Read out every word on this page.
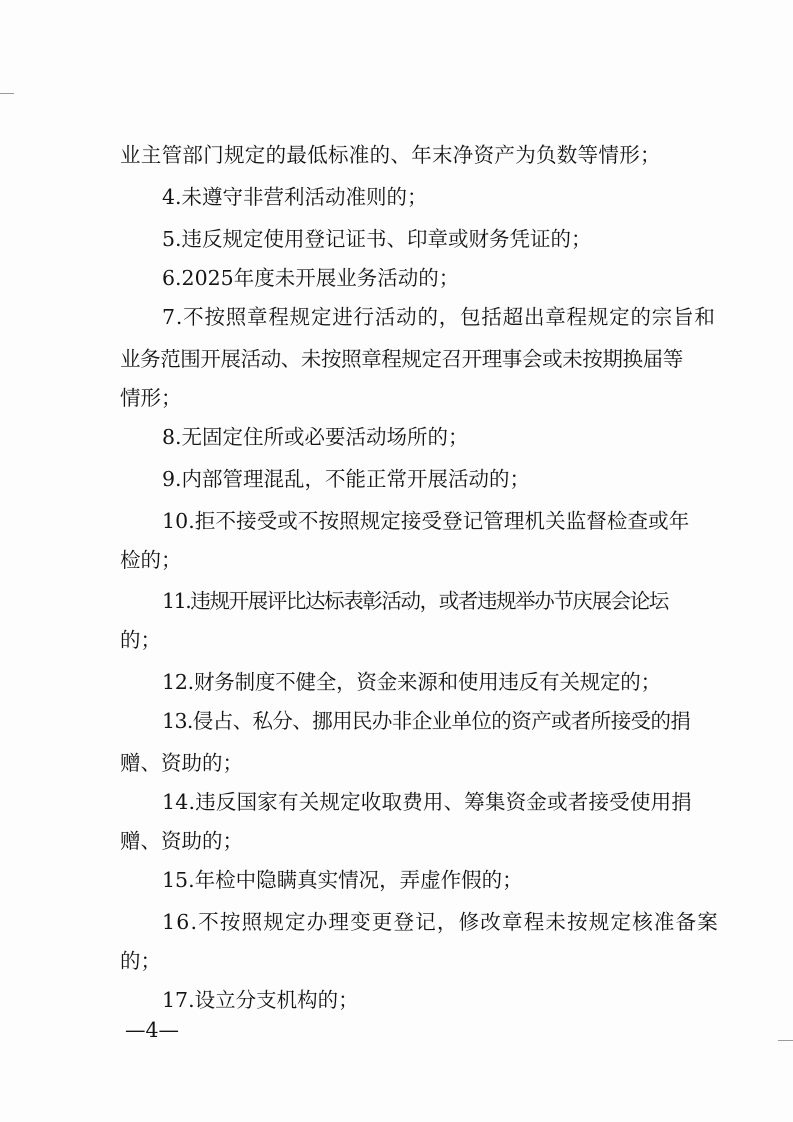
业主管部门规定的最低标准的、年末净资产为负数等情形；
4.未遵守非营利活动准则的；
5.违反规定使用登记证书、印章或财务凭证的；
6.2025年度未开展业务活动的；
7.不按照章程规定进行活动的，包括超出章程规定的宗旨和
业务范围开展活动、未按照章程规定召开理事会或未按期换届等
情形；
8.无固定住所或必要活动场所的；
9.内部管理混乱，不能正常开展活动的；
10.拒不接受或不按照规定接受登记管理机关监督检查或年
检的；
11.违规开展评比达标表彰活动，或者违规举办节庆展会论坛
的；
12.财务制度不健全，资金来源和使用违反有关规定的；
13.侵占、私分、挪用民办非企业单位的资产或者所接受的捐
赠、资助的；
14.违反国家有关规定收取费用、筹集资金或者接受使用捐
赠、资助的；
15.年检中隐瞒真实情况，弄虚作假的；
16.不按照规定办理变更登记，修改章程未按规定核准备案
的；
17.设立分支机构的；
—4—
